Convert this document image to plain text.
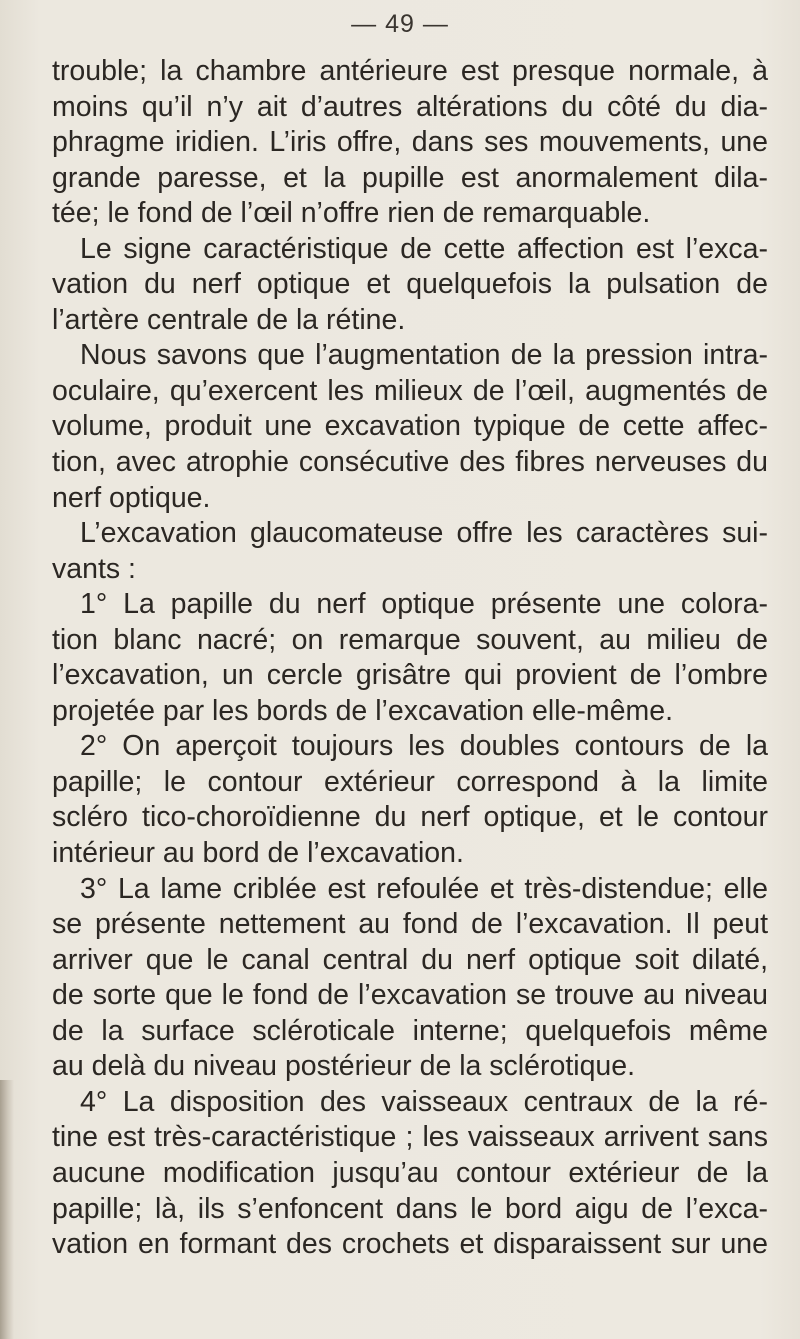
— 49 —
trouble; la chambre antérieure est presque normale, à
moins qu’il n’y ait d’autres altérations du côté du dia-
phragme iridien. L’iris offre, dans ses mouvements, une
grande paresse, et la pupille est anormalement dila-
tée; le fond de l’œil n’offre rien de remarquable.
Le signe caractéristique de cette affection est l’exca-
vation du nerf optique et quelquefois la pulsation de
l’artère centrale de la rétine.
Nous savons que l’augmentation de la pression intra-
oculaire, qu’exercent les milieux de l’œil, augmentés de
volume, produit une excavation typique de cette affec-
tion, avec atrophie consécutive des fibres nerveuses du
nerf optique.
L’excavation glaucomateuse offre les caractères sui-
vants :
1° La papille du nerf optique présente une colora-
tion blanc nacré; on remarque souvent, au milieu de
l’excavation, un cercle grisâtre qui provient de l’ombre
projetée par les bords de l’excavation elle-même.
2° On aperçoit toujours les doubles contours de la
papille; le contour extérieur correspond à la limite
scléro tico-choroïdienne du nerf optique, et le contour
intérieur au bord de l’excavation.
3° La lame criblée est refoulée et très-distendue; elle
se présente nettement au fond de l’excavation. Il peut
arriver que le canal central du nerf optique soit dilaté,
de sorte que le fond de l’excavation se trouve au niveau
de la surface scléroticale interne; quelquefois même
au delà du niveau postérieur de la sclérotique.
4° La disposition des vaisseaux centraux de la ré-
tine est très-caractéristique ; les vaisseaux arrivent sans
aucune modification jusqu’au contour extérieur de la
papille; là, ils s’enfoncent dans le bord aigu de l’exca-
vation en formant des crochets et disparaissent sur une
